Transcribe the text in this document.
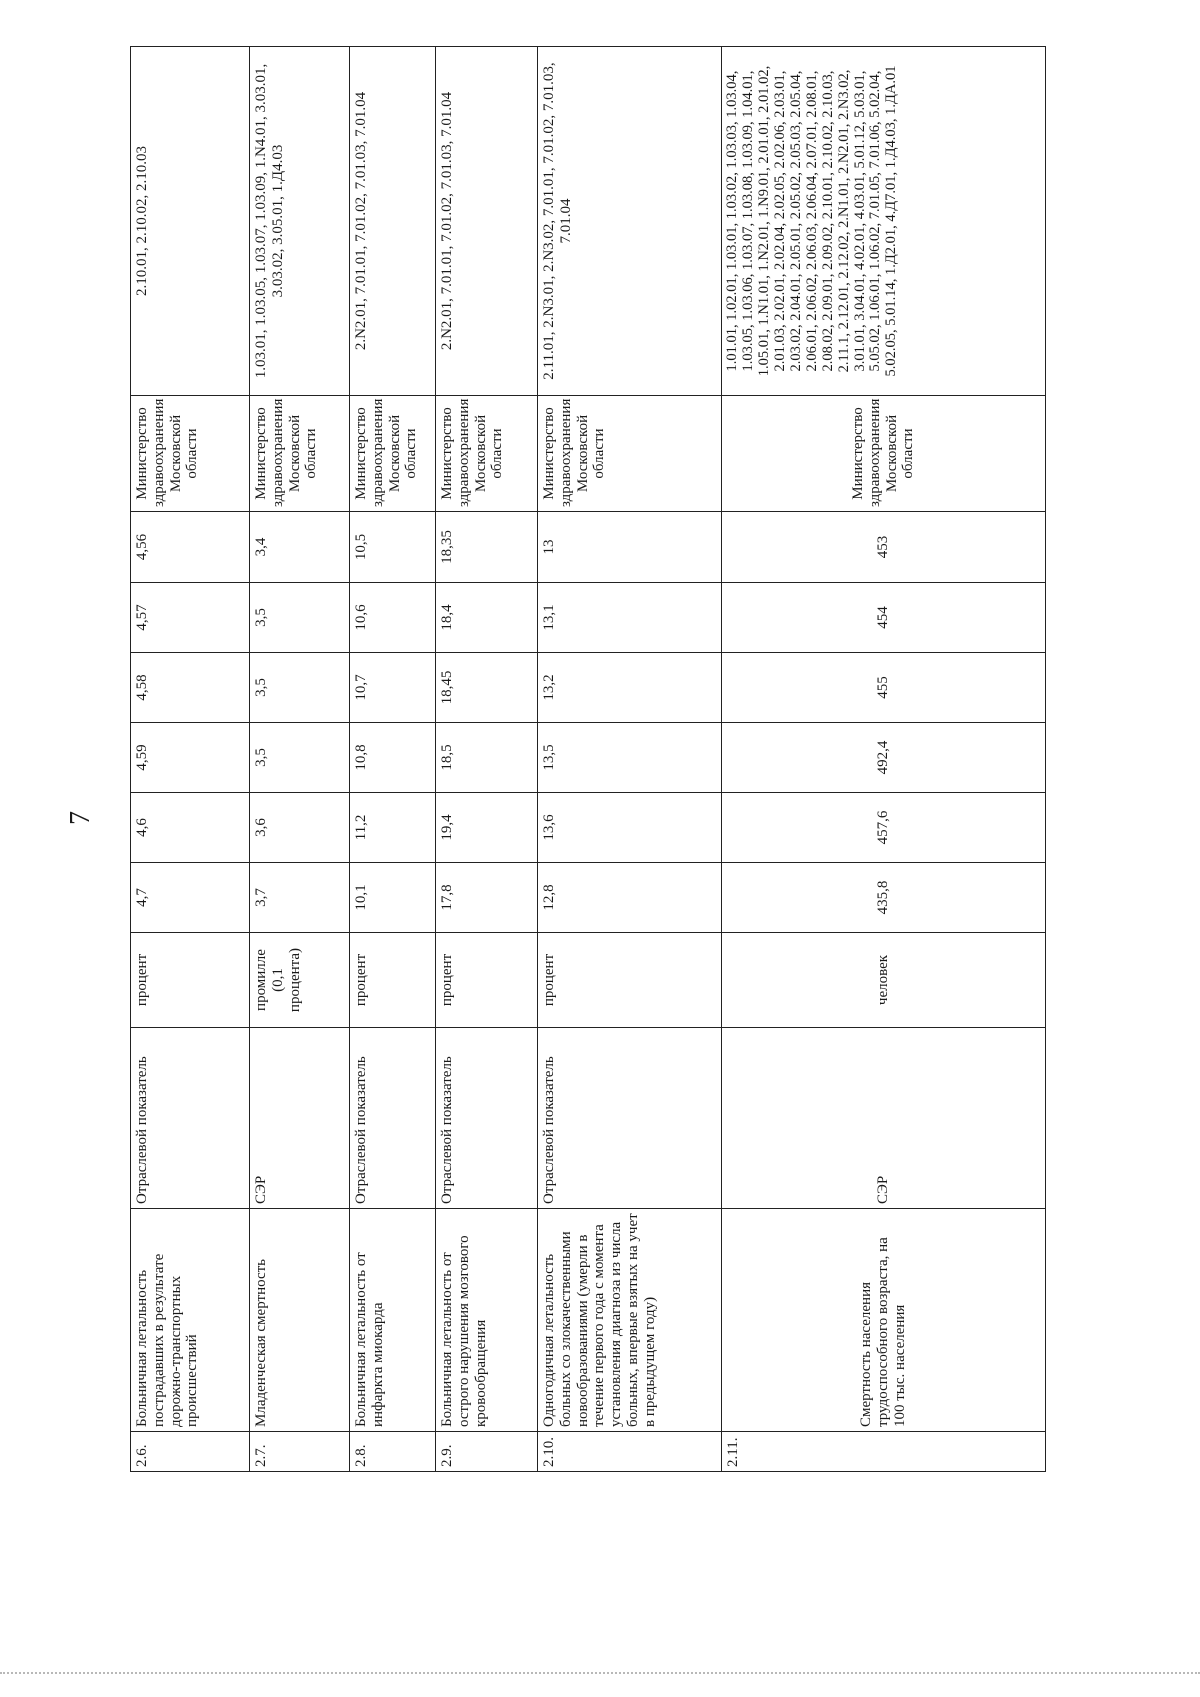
7
2.6.	Больничная летальность пострадавших в результате дорожно-транспортных происшествий	Отраслевой показатель	процент	4,7	4,6	4,59	4,58	4,57	4,56	Министерство здравоохранения Московской области	2.10.01, 2.10.02, 2.10.03
2.7.	Младенческая смертность	СЭР	промилле (0,1 процента)	3,7	3,6	3,5	3,5	3,5	3,4	Министерство здравоохранения Московской области	1.03.01, 1.03.05, 1.03.07, 1.03.09, 1.N4.01, 3.03.01, 3.03.02, 3.05.01, 1.Д4.03
2.8.	Больничная летальность от инфаркта миокарда	Отраслевой показатель	процент	10,1	11,2	10,8	10,7	10,6	10,5	Министерство здравоохранения Московской области	2.N2.01, 7.01.01, 7.01.02, 7.01.03, 7.01.04
2.9.	Больничная летальность от острого нарушения мозгового кровообращения	Отраслевой показатель	процент	17,8	19,4	18,5	18,45	18,4	18,35	Министерство здравоохранения Московской области	2.N2.01, 7.01.01, 7.01.02, 7.01.03, 7.01.04
2.10.	Одногодичная летальность больных со злокачественными новообразованиями (умерли в течение первого года с момента установления диагноза из числа больных, впервые взятых на учет в предыдущем году)	Отраслевой показатель	процент	12,8	13,6	13,5	13,2	13,1	13	Министерство здравоохранения Московской области	2.11.01, 2.N3.01, 2.N3.02, 7.01.01, 7.01.02, 7.01.03, 7.01.04
2.11.	Смертность населения трудоспособного возраста, на 100 тыс. населения	СЭР	человек	435,8	457,6	492,4	455	454	453	Министерство здравоохранения Московской области	1.01.01, 1.02.01, 1.03.01, 1.03.02, 1.03.03, 1.03.04, 1.03.05, 1.03.06, 1.03.07, 1.03.08, 1.03.09, 1.04.01, 1.05.01, 1.N1.01, 1.N2.01, 1.N9.01, 2.01.01, 2.01.02, 2.01.03, 2.02.01, 2.02.04, 2.02.05, 2.02.06, 2.03.01, 2.03.02, 2.04.01, 2.05.01, 2.05.02, 2.05.03, 2.05.04, 2.06.01, 2.06.02, 2.06.03, 2.06.04, 2.07.01, 2.08.01, 2.08.02, 2.09.01, 2.09.02, 2.10.01, 2.10.02, 2.10.03, 2.11.1, 2.12.01, 2.12.02, 2.N1.01, 2.N2.01, 2.N3.02, 3.01.01, 3.04.01, 4.02.01, 4.03.01, 5.01.12, 5.03.01, 5.05.02, 1.06.01, 1.06.02, 7.01.05, 7.01.06, 5.02.04, 5.02.05, 5.01.14, 1.Д2.01, 4.Д7.01, 1.Д4.03, 1.ДА.01
